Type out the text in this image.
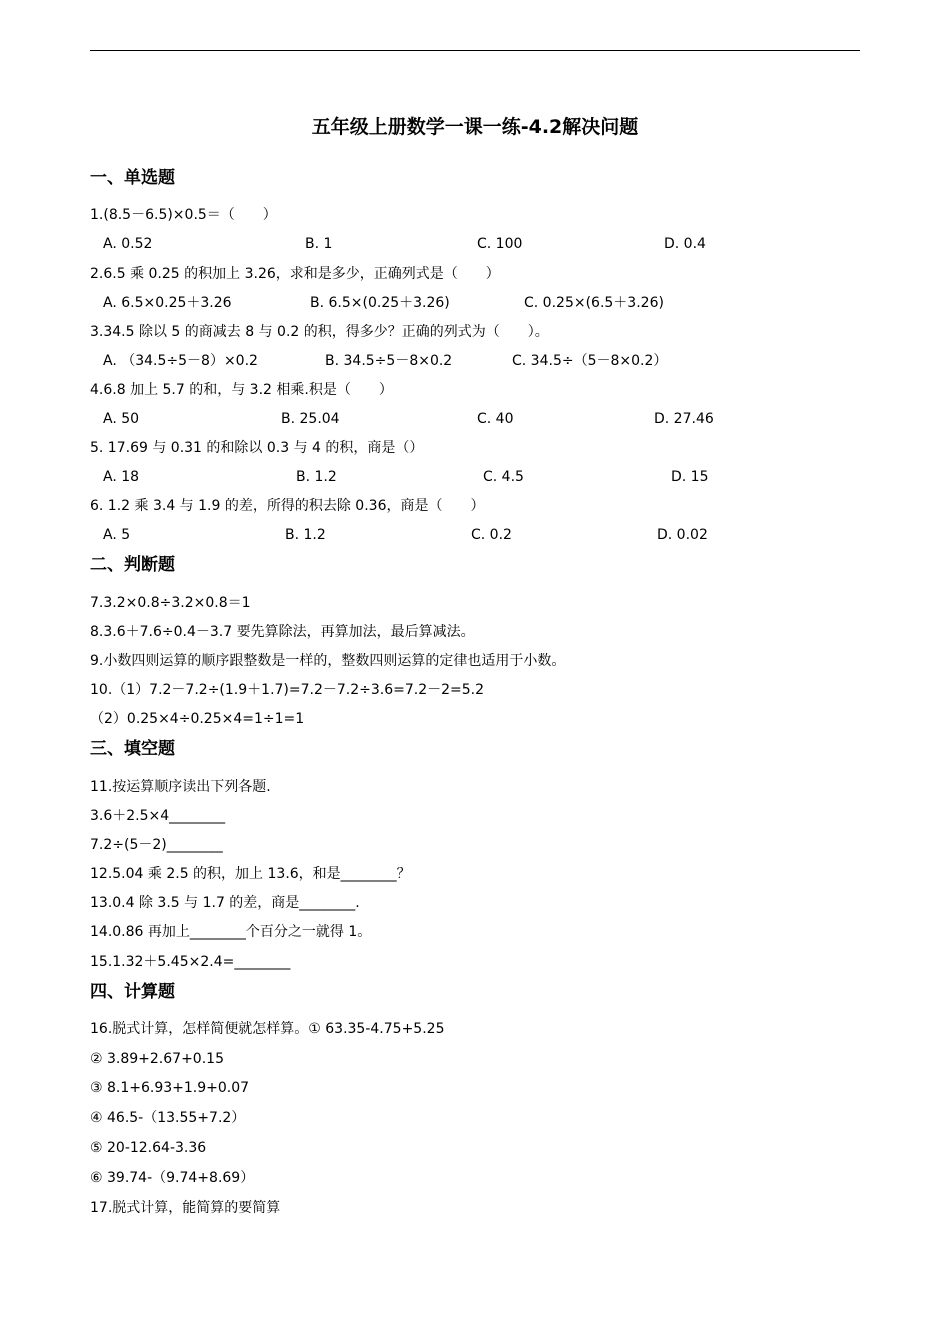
五年级上册数学一课一练-4.2解决问题
一、单选题
1.(8.5－6.5)×0.5＝（　　）
A. 0.52	B. 1	C. 100	D. 0.4
2.6.5 乘 0.25 的积加上 3.26，求和是多少，正确列式是（　　）
A. 6.5×0.25＋3.26	B. 6.5×(0.25＋3.26)	C. 0.25×(6.5＋3.26)
3.34.5 除以 5 的商减去 8 与 0.2 的积，得多少？正确的列式为（　　）。
A. （34.5÷5－8）×0.2	B. 34.5÷5－8×0.2	C. 34.5÷（5－8×0.2）
4.6.8 加上 5.7 的和，与 3.2 相乘.积是（　　）
A. 50	B. 25.04	C. 40	D. 27.46
5. 17.69 与 0.31 的和除以 0.3 与 4 的积，商是（）
A. 18	B. 1.2	C. 4.5	D. 15
6. 1.2 乘 3.4 与 1.9 的差，所得的积去除 0.36，商是（　　）
A. 5	B. 1.2	C. 0.2	D. 0.02
二、判断题
7.3.2×0.8÷3.2×0.8＝1
8.3.6＋7.6÷0.4－3.7 要先算除法，再算加法，最后算减法。
9.小数四则运算的顺序跟整数是一样的，整数四则运算的定律也适用于小数。
10.（1）7.2－7.2÷(1.9＋1.7)=7.2－7.2÷3.6=7.2－2=5.2
（2）0.25×4÷0.25×4=1÷1=1
三、填空题
11.按运算顺序读出下列各题.
3.6＋2.5×4________
7.2÷(5－2)________
12.5.04 乘 2.5 的积，加上 13.6，和是________？
13.0.4 除 3.5 与 1.7 的差，商是________.
14.0.86 再加上________个百分之一就得 1。
15.1.32＋5.45×2.4=________
四、计算题
16.脱式计算，怎样简便就怎样算。① 63.35-4.75+5.25
② 3.89+2.67+0.15
③ 8.1+6.93+1.9+0.07
④ 46.5-（13.55+7.2）
⑤ 20-12.64-3.36
⑥ 39.74-（9.74+8.69）
17.脱式计算，能简算的要简算
